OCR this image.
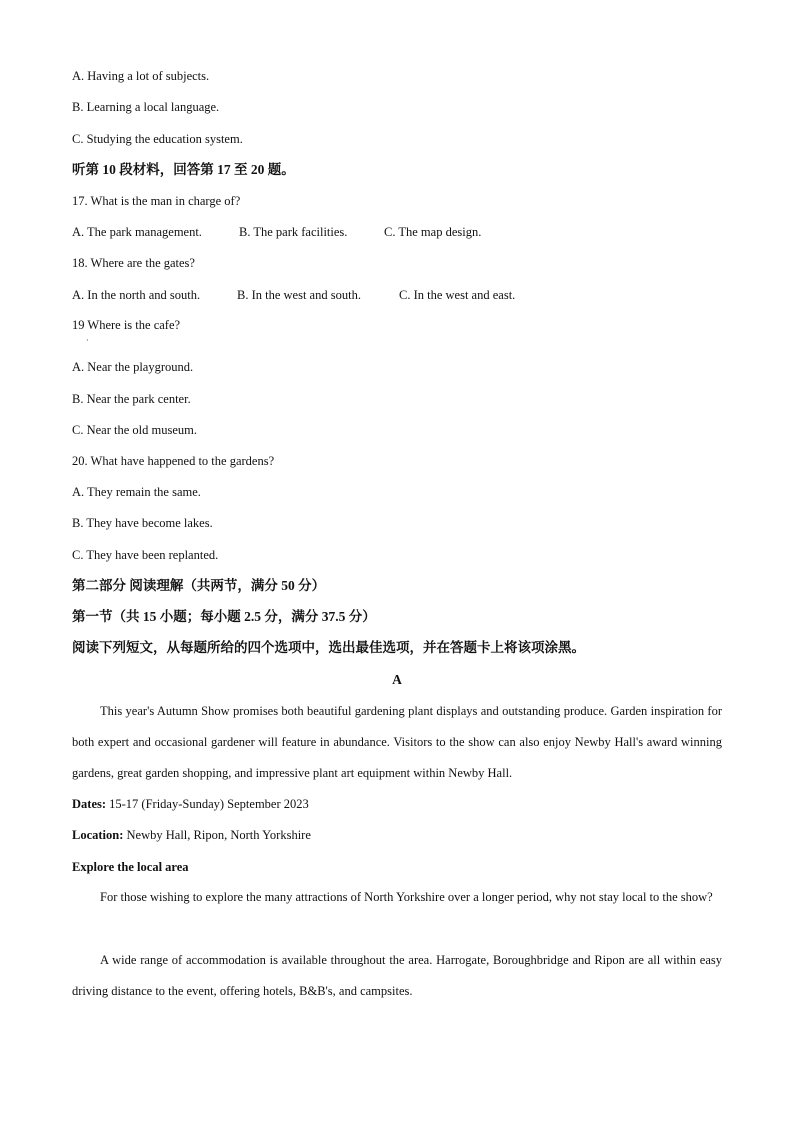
A. Having a lot of subjects.
B. Learning a local language.
C. Studying the education system.
听第 10 段材料，回答第 17 至 20 题。
17. What is the man in charge of?
A. The park management.	B. The park facilities.	C. The map design.
18. Where are the gates?
A. In the north and south.	B. In the west and south.	C. In the west and east.
19 Where is the cafe?
·
A. Near the playground.
B. Near the park center.
C. Near the old museum.
20. What have happened to the gardens?
A. They remain the same.
B. They have become lakes.
C. They have been replanted.
第二部分 阅读理解（共两节，满分 50 分）
第一节（共 15 小题；每小题 2.5 分，满分 37.5 分）
阅读下列短文，从每题所给的四个选项中，选出最佳选项，并在答题卡上将该项涂黑。
A
This year's Autumn Show promises both beautiful gardening plant displays and outstanding produce. Garden inspiration for both expert and occasional gardener will feature in abundance. Visitors to the show can also enjoy Newby Hall's award winning gardens, great garden shopping, and impressive plant art equipment within Newby Hall.
Dates: 15-17 (Friday-Sunday) September 2023
Location: Newby Hall, Ripon, North Yorkshire
Explore the local area
For those wishing to explore the many attractions of North Yorkshire over a longer period, why not stay local to the show?
A wide range of accommodation is available throughout the area. Harrogate, Boroughbridge and Ripon are all within easy driving distance to the event, offering hotels, B&B's, and campsites.
